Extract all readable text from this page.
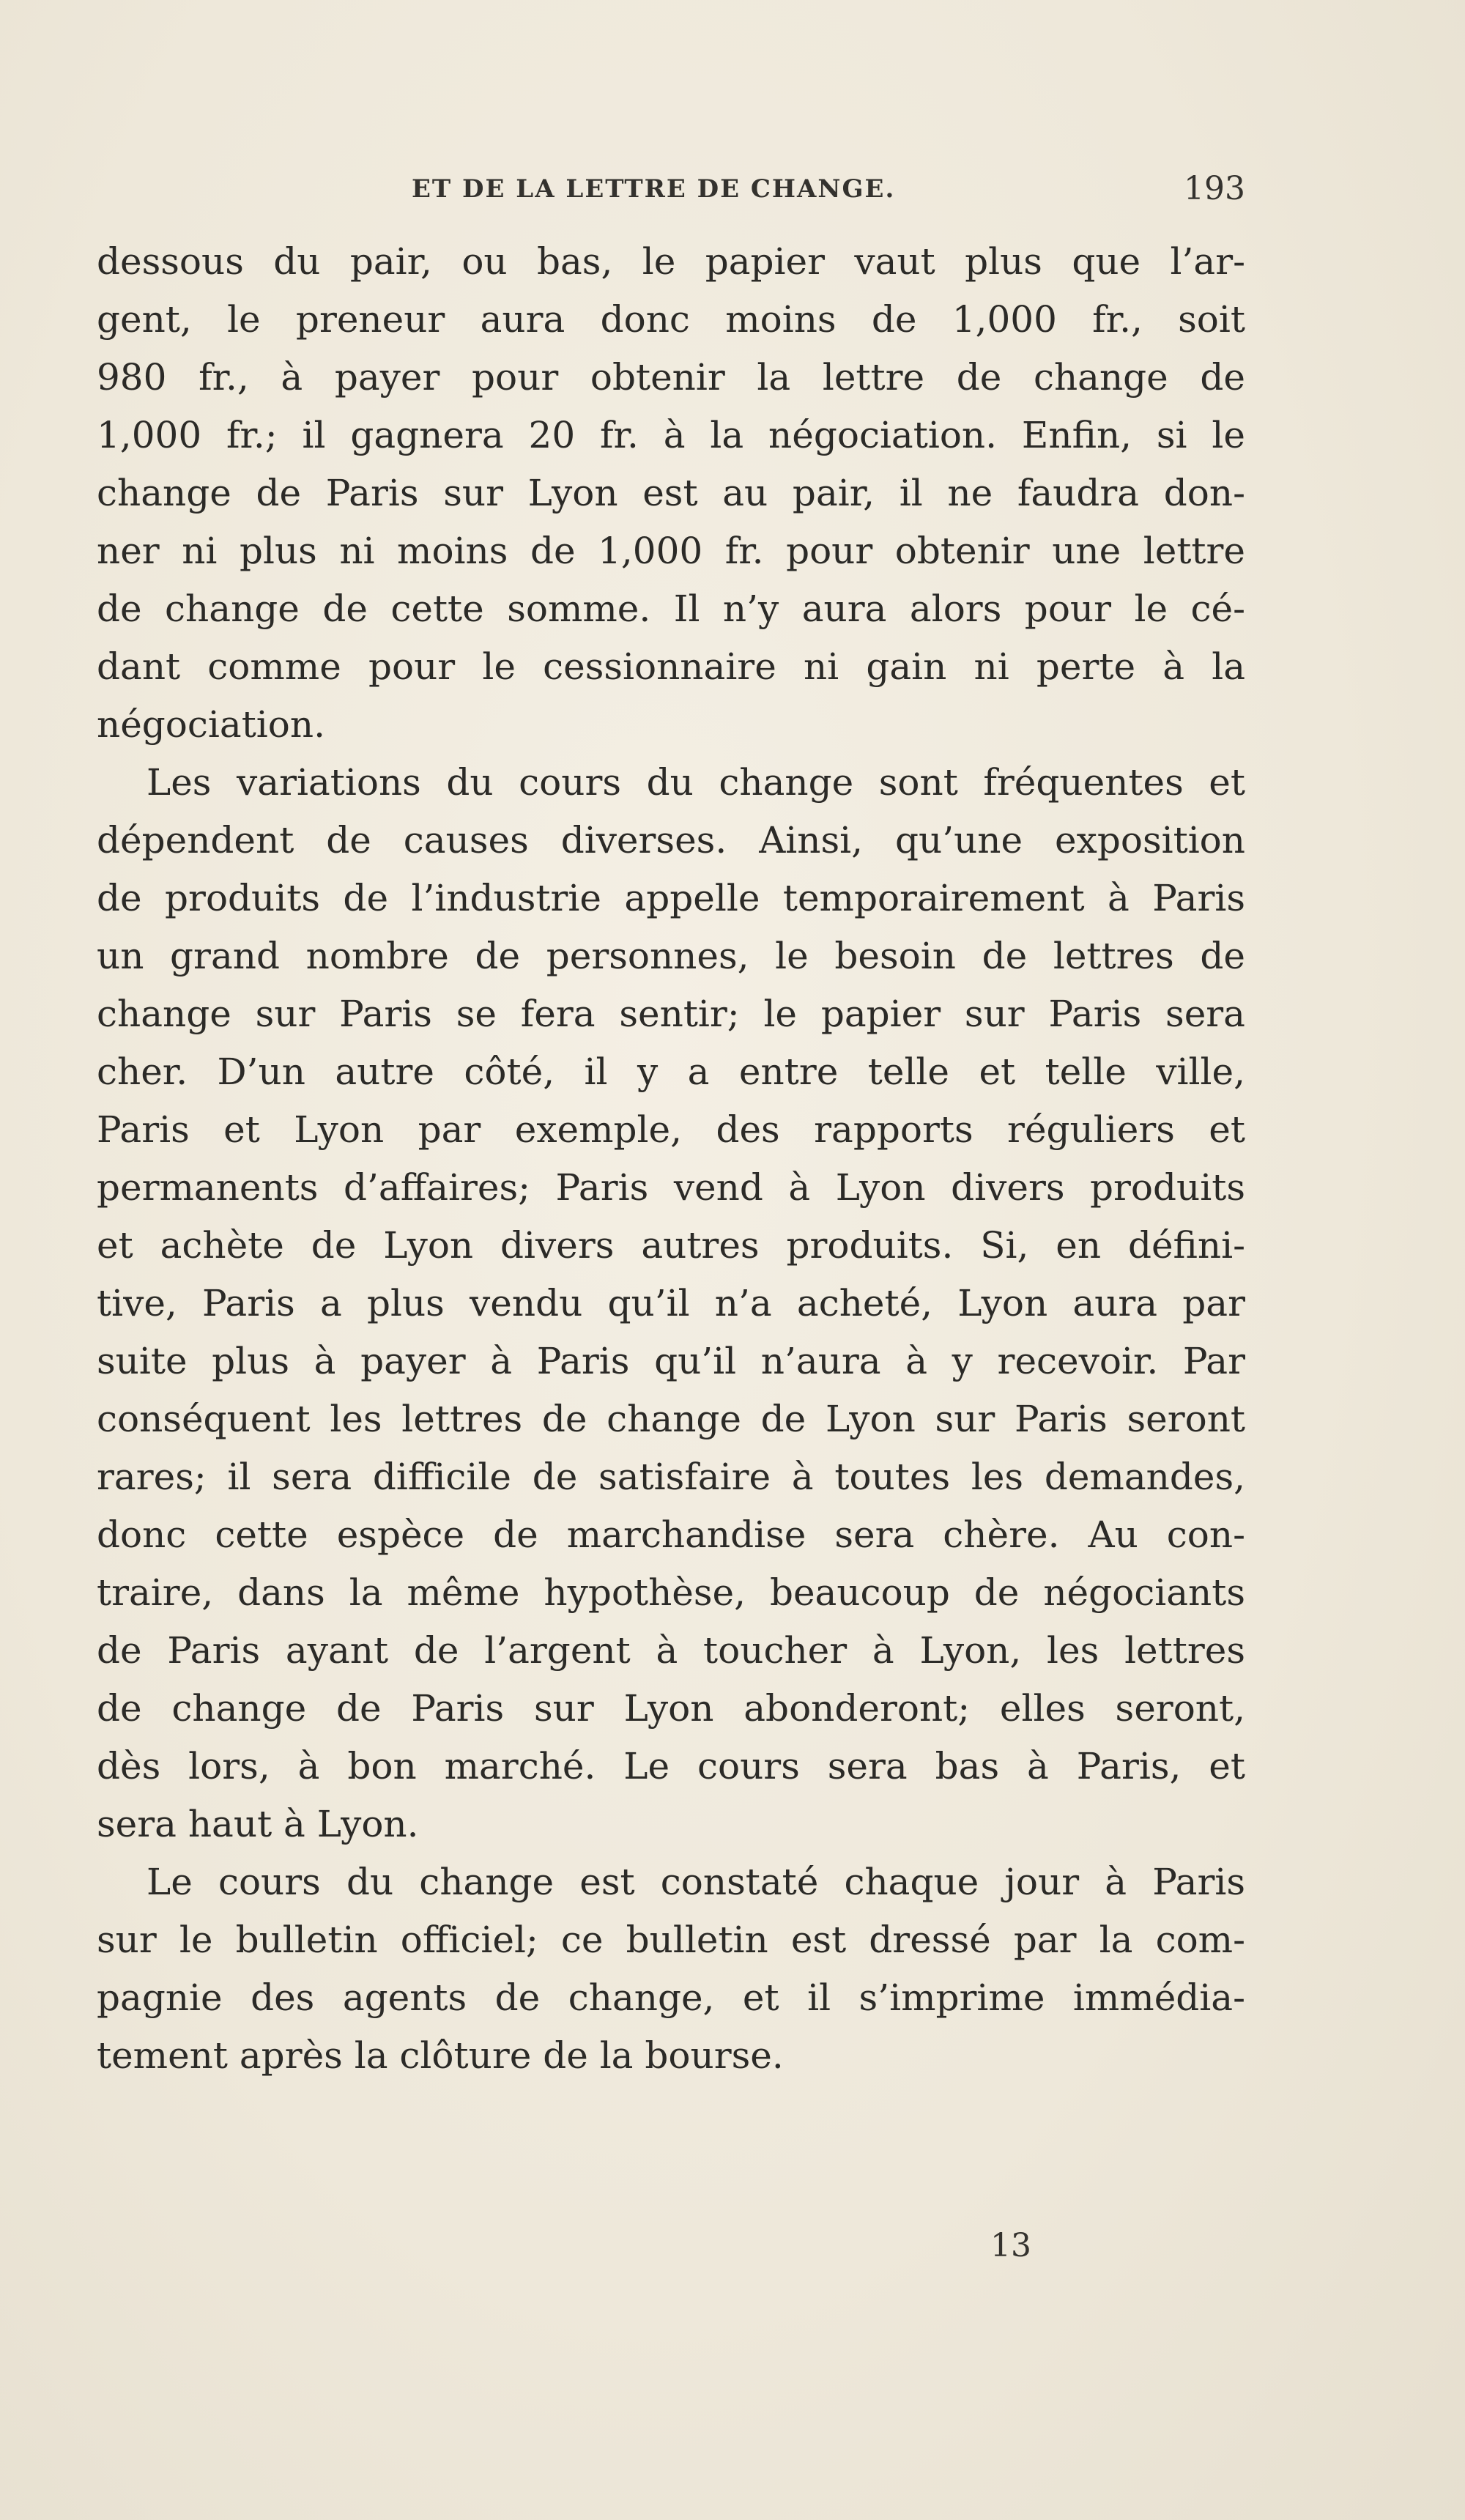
ET DE LA LETTRE DE CHANGE.	193
dessous du pair, ou bas, le papier vaut plus que l’ar-
gent, le preneur aura donc moins de 1,000 fr., soit
980 fr., à payer pour obtenir la lettre de change de
1,000 fr.; il gagnera 20 fr. à la négociation. Enfin, si le
change de Paris sur Lyon est au pair, il ne faudra don-
ner ni plus ni moins de 1,000 fr. pour obtenir une lettre
de change de cette somme. Il n’y aura alors pour le cé-
dant comme pour le cessionnaire ni gain ni perte à la
négociation.
Les variations du cours du change sont fréquentes et
dépendent de causes diverses. Ainsi, qu’une exposition
de produits de l’industrie appelle temporairement à Paris
un grand nombre de personnes, le besoin de lettres de
change sur Paris se fera sentir; le papier sur Paris sera
cher. D’un autre côté, il y a entre telle et telle ville,
Paris et Lyon par exemple, des rapports réguliers et
permanents d’affaires; Paris vend à Lyon divers produits
et achète de Lyon divers autres produits. Si, en défini-
tive, Paris a plus vendu qu’il n’a acheté, Lyon aura par
suite plus à payer à Paris qu’il n’aura à y recevoir. Par
conséquent les lettres de change de Lyon sur Paris seront
rares; il sera difficile de satisfaire à toutes les demandes,
donc cette espèce de marchandise sera chère. Au con-
traire, dans la même hypothèse, beaucoup de négociants
de Paris ayant de l’argent à toucher à Lyon, les lettres
de change de Paris sur Lyon abonderont; elles seront,
dès lors, à bon marché. Le cours sera bas à Paris, et
sera haut à Lyon.
Le cours du change est constaté chaque jour à Paris
sur le bulletin officiel; ce bulletin est dressé par la com-
pagnie des agents de change, et il s’imprime immédia-
tement après la clôture de la bourse.
13
